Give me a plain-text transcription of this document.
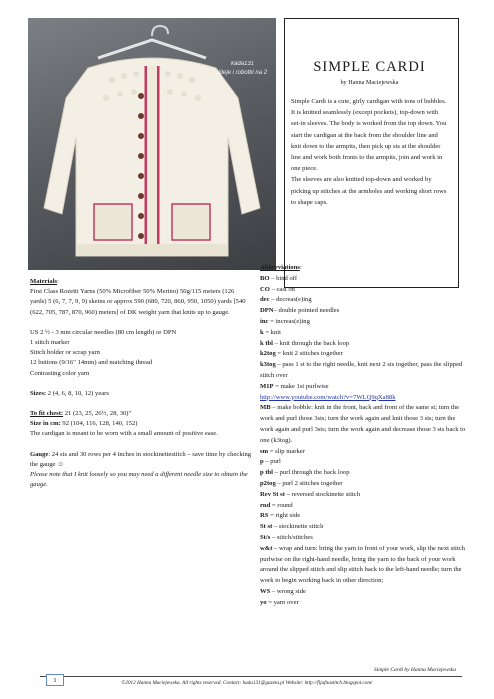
kada131
Ideje i robotki na 2	SIMPLE CARDI

by Hanna Maciejewska

Simple Cardi is a cute, girly cardigan with tons of bubbles. It is knitted seamlessly (except pockets), top-down with set-in sleeves. The body is worked from the top down. You start the cardigan at the back from the shoulder line and knit down to the armpits, then pick up sts at the shoulder line and work both fronts to the armpits, join and work in one piece.

The sleeves are also knitted top-down and worked by picking up stitches at the armholes and working short rows to shape caps.

Materials:

First Class Rozetti Yarns (50% Microfiber 50% Merino) 50g/115 meters (126 yards) 5 (6, 7, 7, 9, 9) skeins or approx 590 (680, 720, 860, 950, 1050) yards [540 (622, 705, 787, 870, 960) meters] of DK weight yarn that knits up to gauge.

US 2 ½ - 3 mm circular needles (80 cm length) or DPN

1 stitch marker

Stitch holder or scrap yarn

12 buttons (9/16" 14mm) and matching thread

Contrasting color yarn

Sizes: 2 (4, 6, 8, 10, 12) years

To fit chest: 21 (23, 25, 26½, 28, 30)"

Size in cm: 92 (104, 116, 128, 140, 152)

The cardigan is meant to be worn with a small amount of positive ease.

Gauge: 24 sts and 30 rows per 4 inches in stockinettestitch – save time by checking the gauge ☺

Please note that I knit loosely so you may need a different needle size to obtain the gauge.

Abbreviations:

BO – bind off

CO – cast on

dec – decreas(e)ing

DPN– double pointed needles

inc = increas(e)ing

k = knit

k tbl – knit through the back loop

k2tog = knit 2 stitches together

k3tog – pass 1 st to the right needle, knit next 2 sts together, pass the slipped stitch over

M1P = make 1st purlwise

http://www.youtube.com/watch?v=7WLQ9qXa88k

MB – make bobble: knit in the front, back and front of the same st; turn the work and purl those 3sts; turn the work again and knit those 3 sts; turn the work again and purl 3sts; turn the work again and decrease those 3 sts back to one (k3tog).

sm = slip marker

p – purl

p tbl – purl through the back loop

p2tog – purl 2 stitches together

Rev St st – reversed stockinette stitch

rnd = round

RS = right side

St st – stockinette stitch

St/s – stitch/stitches

w&t – wrap and turn: bring the yarn to front of your work, slip the next stitch purlwise on the right-hand needle, bring the yarn to the back of your work around the slipped stitch and slip stitch back to the left-hand needle; turn the work to begin working back in other direction;

WS – wrong side

yo = yarn over

Simple Cardi by Hanna Maciejewska
1	©2012 Hanna Maciejewska. All rights reserved. Contact: hada131@gazeta.pl Website: http://fijafnastitch.blogspot.com/
